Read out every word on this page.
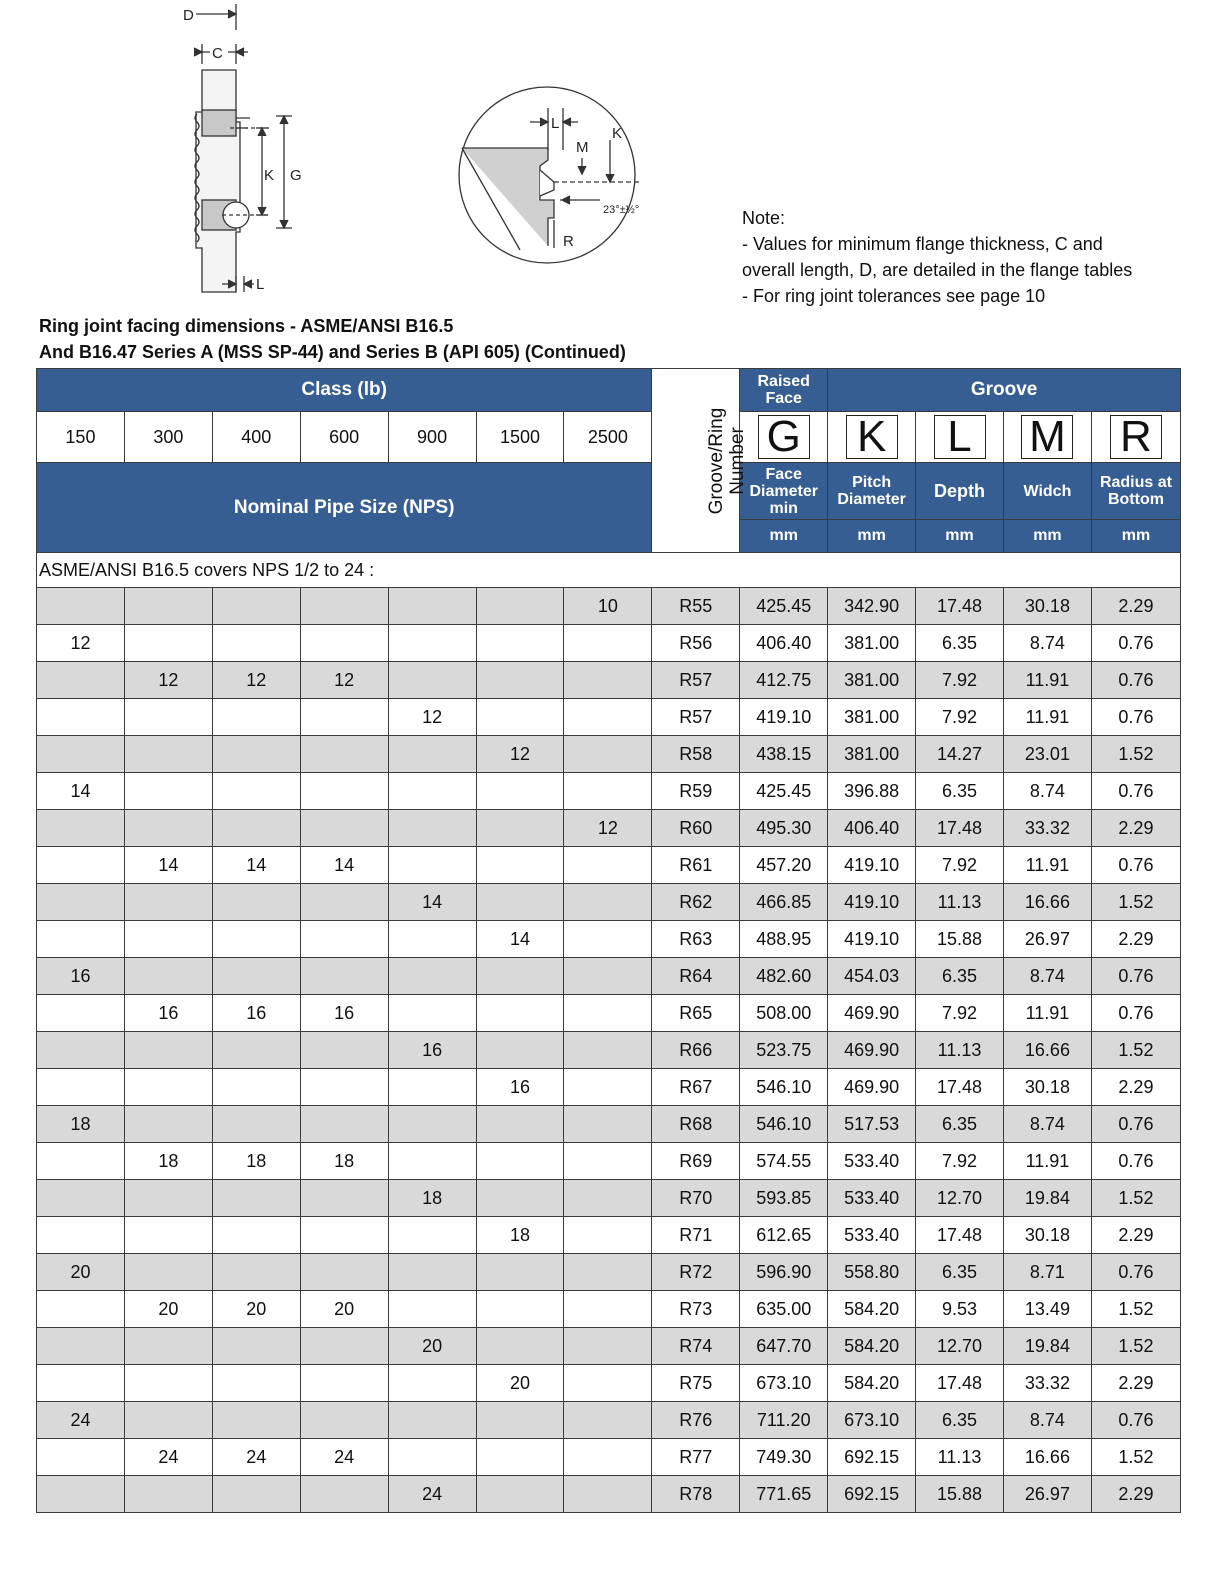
D
C
K G
L
L
M
K
R
23°±½°	Note:
- Values for minimum flange thickness, C and
overall length, D, are detailed in the flange tables
- For ring joint tolerances see page 10
Ring joint facing dimensions - ASME/ANSI B16.5
And B16.47 Series A (MSS SP-44) and Series B (API 605) (Continued)
Class (lb)							Groove/Ring Number	Raised Face	Groove			
150	300	400	600	900	1500	2500		G	K	L	M	R
Nominal Pipe Size (NPS)								Face Diameter min	Pitch Diameter	Depth	Widch	Radius at Bottom
								mm	mm	mm	mm	mm
ASME/ANSI B16.5 covers NPS 1/2 to 24 :												
						10	R55	425.45	342.90	17.48	30.18	2.29
12							R56	406.40	381.00	6.35	8.74	0.76
	12	12	12				R57	412.75	381.00	7.92	11.91	0.76
				12			R57	419.10	381.00	7.92	11.91	0.76
					12		R58	438.15	381.00	14.27	23.01	1.52
14							R59	425.45	396.88	6.35	8.74	0.76
						12	R60	495.30	406.40	17.48	33.32	2.29
	14	14	14				R61	457.20	419.10	7.92	11.91	0.76
				14			R62	466.85	419.10	11.13	16.66	1.52
					14		R63	488.95	419.10	15.88	26.97	2.29
16							R64	482.60	454.03	6.35	8.74	0.76
	16	16	16				R65	508.00	469.90	7.92	11.91	0.76
				16			R66	523.75	469.90	11.13	16.66	1.52
					16		R67	546.10	469.90	17.48	30.18	2.29
18							R68	546.10	517.53	6.35	8.74	0.76
	18	18	18				R69	574.55	533.40	7.92	11.91	0.76
				18			R70	593.85	533.40	12.70	19.84	1.52
					18		R71	612.65	533.40	17.48	30.18	2.29
20							R72	596.90	558.80	6.35	8.71	0.76
	20	20	20				R73	635.00	584.20	9.53	13.49	1.52
				20			R74	647.70	584.20	12.70	19.84	1.52
					20		R75	673.10	584.20	17.48	33.32	2.29
24							R76	711.20	673.10	6.35	8.74	0.76
	24	24	24				R77	749.30	692.15	11.13	16.66	1.52
				24			R78	771.65	692.15	15.88	26.97	2.29
